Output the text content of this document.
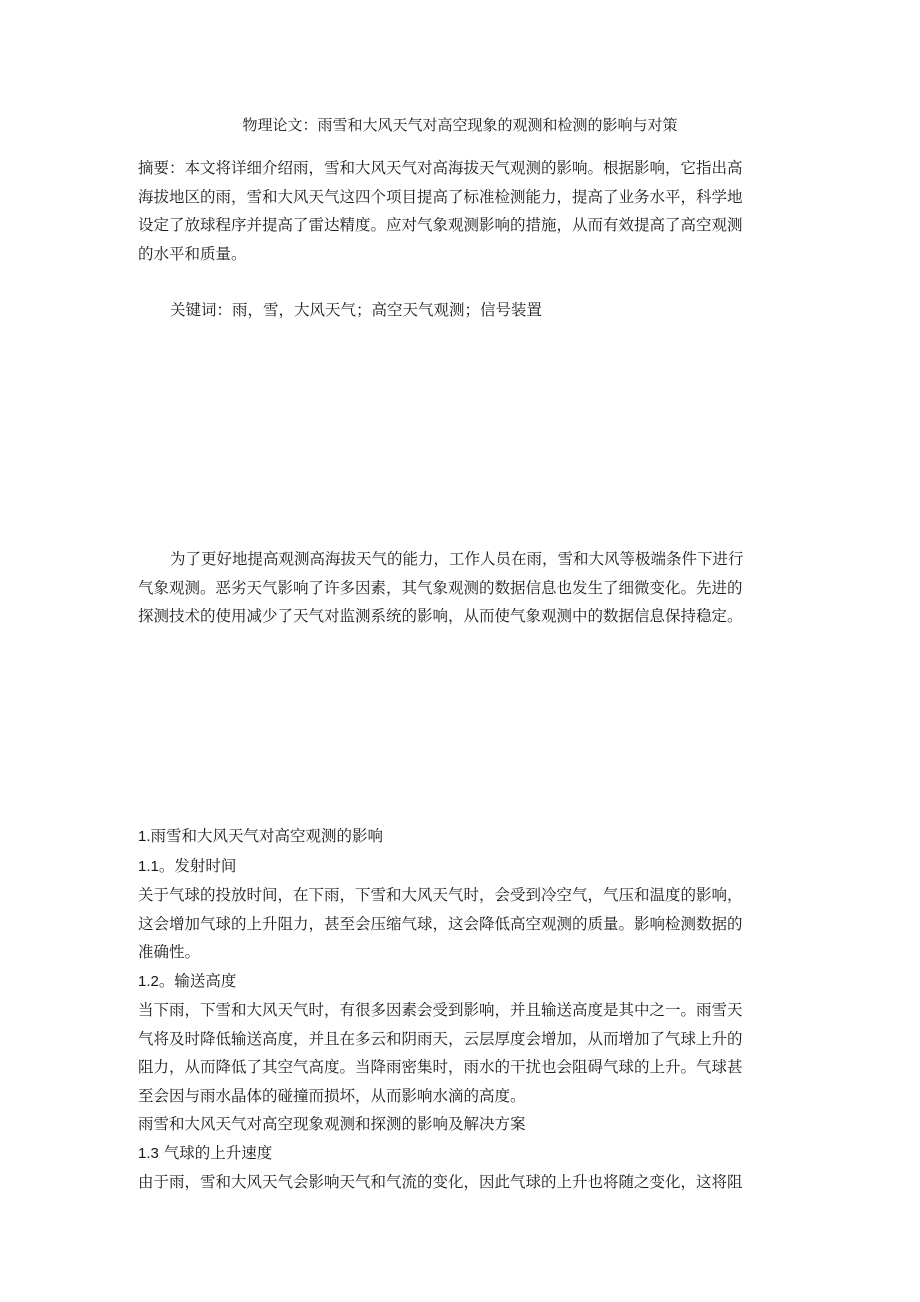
物理论文：雨雪和大风天气对高空现象的观测和检测的影响与对策
摘要：本文将详细介绍雨，雪和大风天气对高海拔天气观测的影响。根据影响，它指出高
海拔地区的雨，雪和大风天气这四个项目提高了标准检测能力，提高了业务水平，科学地
设定了放球程序并提高了雷达精度。应对气象观测影响的措施，从而有效提高了高空观测
的水平和质量。
关键词：雨，雪，大风天气；高空天气观测；信号装置
为了更好地提高观测高海拔天气的能力，工作人员在雨，雪和大风等极端条件下进行
气象观测。恶劣天气影响了许多因素，其气象观测的数据信息也发生了细微变化。先进的
探测技术的使用减少了天气对监测系统的影响，从而使气象观测中的数据信息保持稳定。
1.雨雪和大风天气对高空观测的影响
1.1。发射时间
关于气球的投放时间，在下雨，下雪和大风天气时，会受到冷空气，气压和温度的影响，
这会增加气球的上升阻力，甚至会压缩气球，这会降低高空观测的质量。影响检测数据的
准确性。
1.2。输送高度
当下雨，下雪和大风天气时，有很多因素会受到影响，并且输送高度是其中之一。雨雪天
气将及时降低输送高度，并且在多云和阴雨天，云层厚度会增加，从而增加了气球上升的
阻力，从而降低了其空气高度。当降雨密集时，雨水的干扰也会阻碍气球的上升。气球甚
至会因与雨水晶体的碰撞而损坏，从而影响水滴的高度。
雨雪和大风天气对高空现象观测和探测的影响及解决方案
1.3 气球的上升速度
由于雨，雪和大风天气会影响天气和气流的变化，因此气球的上升也将随之变化，这将阻
